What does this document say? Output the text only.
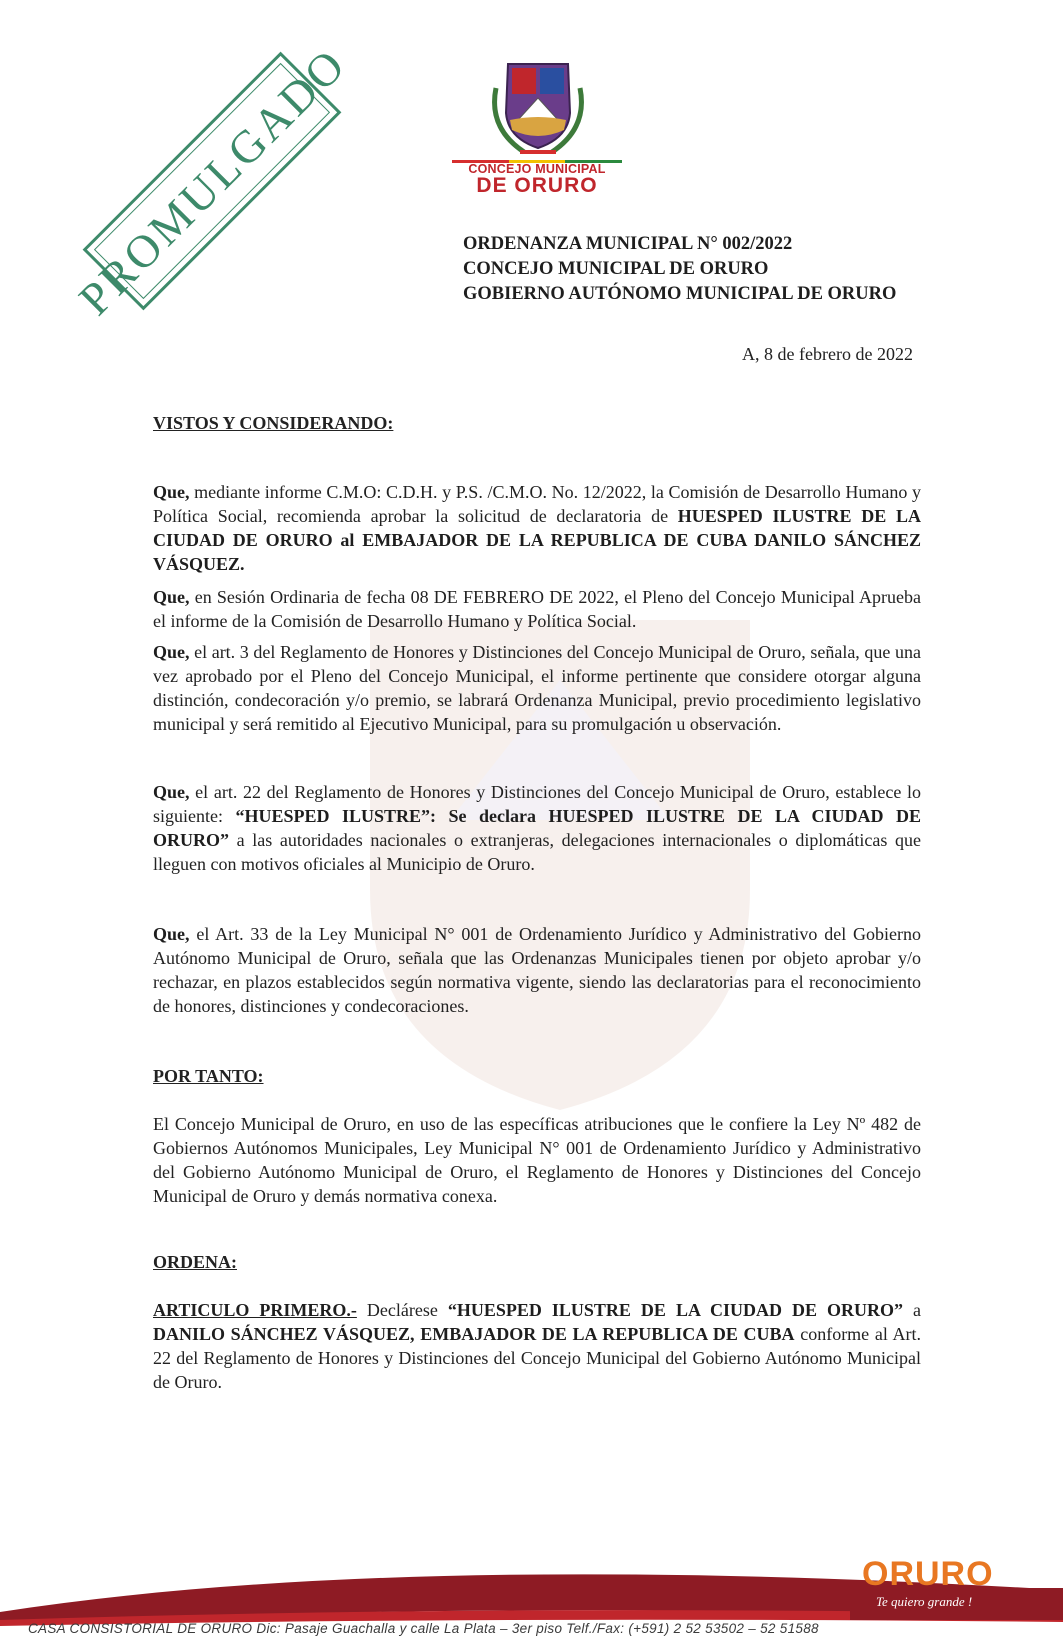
PROMULGADO	CONCEJO MUNICIPAL
DE ORURO
ORDENANZA MUNICIPAL N° 002/2022
CONCEJO MUNICIPAL DE ORURO
GOBIERNO AUTÓNOMO MUNICIPAL DE ORURO
A, 8 de febrero de 2022
VISTOS Y CONSIDERANDO:
Que, mediante informe C.M.O: C.D.H. y P.S. /C.M.O. No. 12/2022, la Comisión de Desarrollo Humano y Política Social, recomienda aprobar la solicitud de declaratoria de HUESPED ILUSTRE DE LA CIUDAD DE ORURO al EMBAJADOR DE LA REPUBLICA DE CUBA DANILO SÁNCHEZ VÁSQUEZ.
Que, en Sesión Ordinaria de fecha 08 DE FEBRERO DE 2022, el Pleno del Concejo Municipal Aprueba el informe de la Comisión de Desarrollo Humano y Política Social.
Que, el art. 3 del Reglamento de Honores y Distinciones del Concejo Municipal de Oruro, señala, que una vez aprobado por el Pleno del Concejo Municipal, el informe pertinente que considere otorgar alguna distinción, condecoración y/o premio, se labrará Ordenanza Municipal, previo procedimiento legislativo municipal y será remitido al Ejecutivo Municipal, para su promulgación u observación.
Que, el art. 22 del Reglamento de Honores y Distinciones del Concejo Municipal de Oruro, establece lo siguiente: “HUESPED ILUSTRE”: Se declara HUESPED ILUSTRE DE LA CIUDAD DE ORURO” a las autoridades nacionales o extranjeras, delegaciones internacionales o diplomáticas que lleguen con motivos oficiales al Municipio de Oruro.
Que, el Art. 33 de la Ley Municipal N° 001 de Ordenamiento Jurídico y Administrativo del Gobierno Autónomo Municipal de Oruro, señala que las Ordenanzas Municipales tienen por objeto aprobar y/o rechazar, en plazos establecidos según normativa vigente, siendo las declaratorias para el reconocimiento de honores, distinciones y condecoraciones.
POR TANTO:
El Concejo Municipal de Oruro, en uso de las específicas atribuciones que le confiere la Ley Nº 482 de Gobiernos Autónomos Municipales, Ley Municipal N° 001 de Ordenamiento Jurídico y Administrativo del Gobierno Autónomo Municipal de Oruro, el Reglamento de Honores y Distinciones del Concejo Municipal de Oruro y demás normativa conexa.
ORDENA:
ARTICULO PRIMERO.- Declárese “HUESPED ILUSTRE DE LA CIUDAD DE ORURO” a DANILO SÁNCHEZ VÁSQUEZ, EMBAJADOR DE LA REPUBLICA DE CUBA conforme al Art. 22 del Reglamento de Honores y Distinciones del Concejo Municipal del Gobierno Autónomo Municipal de Oruro.
ORURO
Te quiero grande !
CASA CONSISTORIAL DE ORURO Dic: Pasaje Guachalla y calle La Plata – 3er piso Telf./Fax: (+591) 2 52 53502 – 52 51588
